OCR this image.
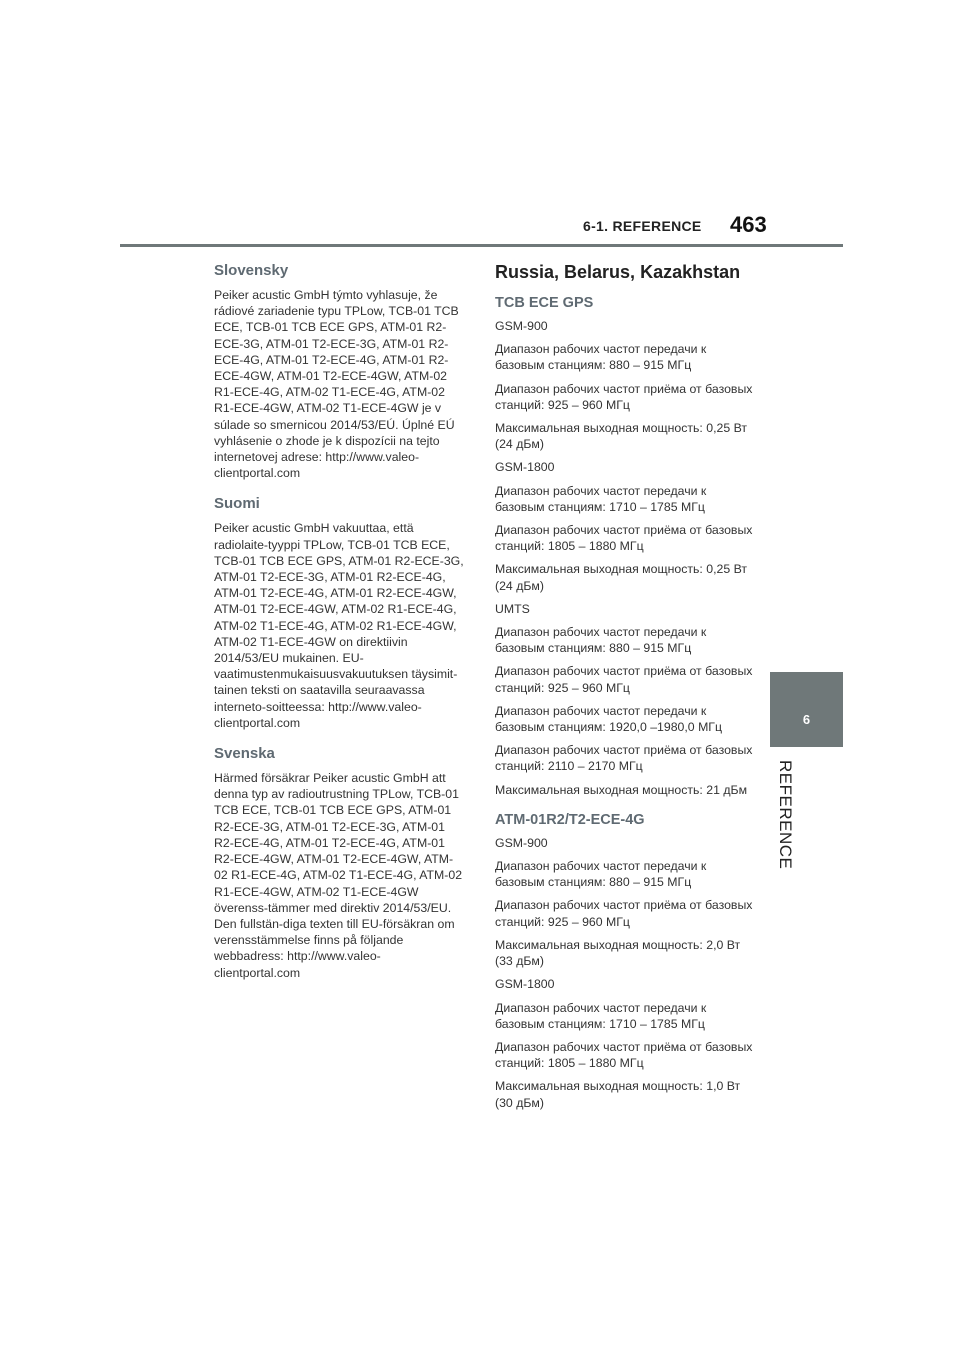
6-1. REFERENCE 463
6
REFERENCE
Slovensky

Peiker acustic GmbH týmto vyhlasuje, že rádiové zariadenie typu TPLow, TCB-01 TCB ECE, TCB-01 TCB ECE GPS, ATM-01 R2-ECE-3G, ATM-01 T2-ECE-3G, ATM-01 R2-ECE-4G, ATM-01 T2-ECE-4G, ATM-01 R2-ECE-4GW, ATM-01 T2-ECE-4GW, ATM-02 R1-ECE-4G, ATM-02 T1-ECE-4G, ATM-02 R1-ECE-4GW, ATM-02 T1-ECE-4GW je v súlade so smernicou 2014/53/EÚ. Úplné EÚ vyhlásenie o zhode je k dispozícii na tejto internetovej adrese: http://www.valeo-clientportal.com

Suomi

Peiker acustic GmbH vakuuttaa, että radiolaite-tyyppi TPLow, TCB-01 TCB ECE, TCB-01 TCB ECE GPS, ATM-01 R2-ECE-3G, ATM-01 T2-ECE-3G, ATM-01 R2-ECE-4G, ATM-01 T2-ECE-4G, ATM-01 R2-ECE-4GW, ATM-01 T2-ECE-4GW, ATM-02 R1-ECE-4G, ATM-02 T1-ECE-4G, ATM-02 R1-ECE-4GW, ATM-02 T1-ECE-4GW on direktiivin 2014/53/EU mukainen. EU-vaatimustenmukaisuusvakuutuksen täysimit-tainen teksti on saatavilla seuraavassa interneto-soitteessa: http://www.valeo-clientportal.com

Svenska

Härmed försäkrar Peiker acustic GmbH att denna typ av radioutrustning TPLow, TCB-01 TCB ECE, TCB-01 TCB ECE GPS, ATM-01 R2-ECE-3G, ATM-01 T2-ECE-3G, ATM-01 R2-ECE-4G, ATM-01 T2-ECE-4G, ATM-01 R2-ECE-4GW, ATM-01 T2-ECE-4GW, ATM-02 R1-ECE-4G, ATM-02 T1-ECE-4G, ATM-02 R1-ECE-4GW, ATM-02 T1-ECE-4GW överenss-tämmer med direktiv 2014/53/EU. Den fullstän-diga texten till EU-försäkran om verensstämmelse finns på följande webbadress: http://www.valeo-clientportal.com

Russia, Belarus, Kazakhstan
TCB ECE GPS

GSM-900

Диапазон рабочих частот передачи к базовым станциям: 880 – 915 МГц

Диапазон рабочих частот приёма от базовых станций: 925 – 960 МГц

Максимальная выходная мощность: 0,25 Вт (24 дБм)

GSM-1800

Диапазон рабочих частот передачи к базовым станциям: 1710 – 1785 МГц

Диапазон рабочих частот приёма от базовых станций: 1805 – 1880 МГц

Максимальная выходная мощность: 0,25 Вт (24 дБм)

UMTS

Диапазон рабочих частот передачи к базовым станциям: 880 – 915 МГц

Диапазон рабочих частот приёма от базовых станций: 925 – 960 МГц

Диапазон рабочих частот передачи к базовым станциям: 1920,0 –1980,0 МГц

Диапазон рабочих частот приёма от базовых станций: 2110 – 2170 МГц

Максимальная выходная мощность: 21 дБм

ATM-01R2/T2-ECE-4G

GSM-900

Диапазон рабочих частот передачи к базовым станциям: 880 – 915 МГц

Диапазон рабочих частот приёма от базовых станций: 925 – 960 МГц

Максимальная выходная мощность: 2,0 Вт (33 дБм)

GSM-1800

Диапазон рабочих частот передачи к базовым станциям: 1710 – 1785 МГц

Диапазон рабочих частот приёма от базовых станций: 1805 – 1880 МГц

Максимальная выходная мощность: 1,0 Вт (30 дБм)
